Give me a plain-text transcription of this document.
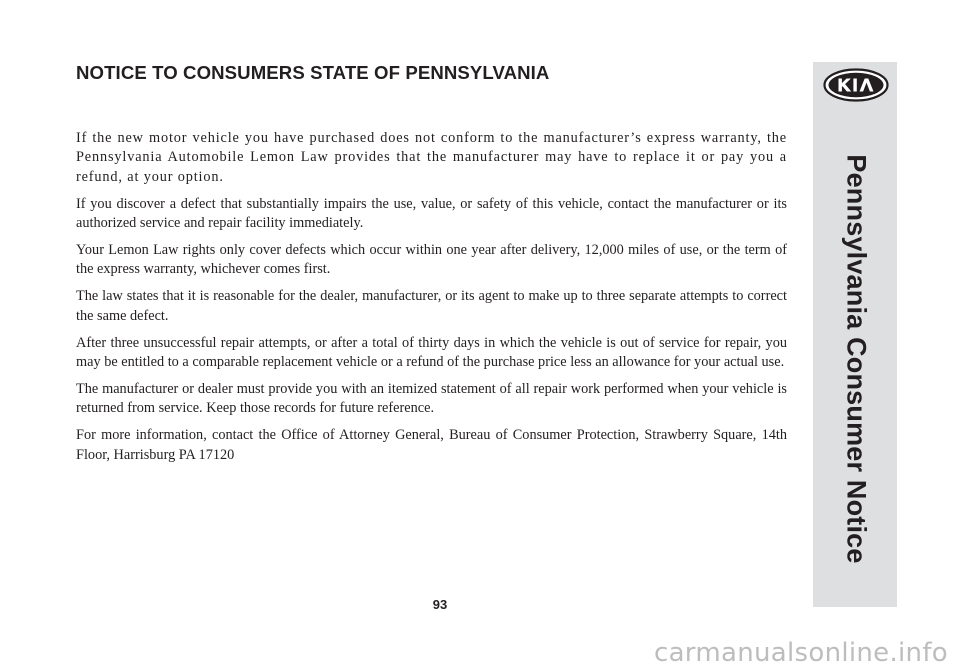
NOTICE TO CONSUMERS STATE OF PENNSYLVANIA

If the new motor vehicle you have purchased does not conform to the manufacturer’s express warranty, the Pennsylvania Automobile Lemon Law provides that the manufacturer may have to replace it or pay you a refund, at your option.

If you discover a defect that substantially impairs the use, value, or safety of this vehicle, contact the manufacturer or its authorized service and repair facility immediately.

Your Lemon Law rights only cover defects which occur within one year after delivery, 12,000 miles of use, or the term of the express warranty, whichever comes first.

The law states that it is reasonable for the dealer, manufacturer, or its agent to make up to three separate attempts to correct the same defect.

After three unsuccessful repair attempts, or after a total of thirty days in which the vehicle is out of service for repair, you may be entitled to a comparable replacement vehicle or a refund of the purchase price less an allowance for your actual use.

The manufacturer or dealer must provide you with an itemized statement of all repair work performed when your vehicle is returned from service. Keep those records for future reference.

For more information, contact the Office of Attorney General, Bureau of Consumer Protection, Strawberry Square, 14th Floor, Harrisburg PA 17120

93
Pennsylvania Consumer Notice
carmanualsonline.info
